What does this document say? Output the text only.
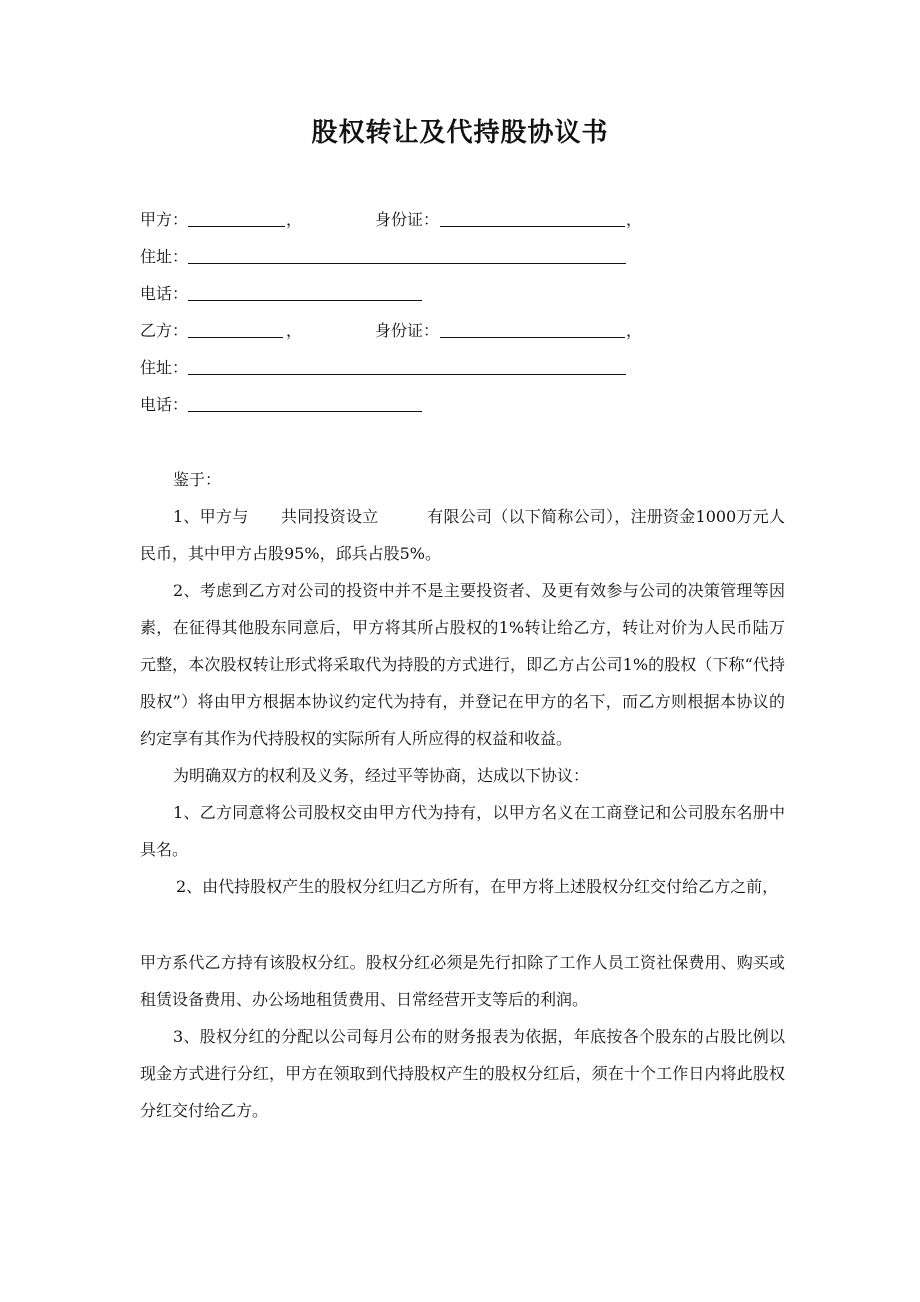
股权转让及代持股协议书
甲方：	，	身份证：	，
住址：
电话：
乙方：	，	身份证：	，
住址：
电话：
鉴于：
1、甲方与　　共同投资设立　　　有限公司（以下简称公司），注册资金1000万元人民币，其中甲方占股95%，邱兵占股5%。
2、考虑到乙方对公司的投资中并不是主要投资者、及更有效参与公司的决策管理等因素，在征得其他股东同意后，甲方将其所占股权的1%转让给乙方，转让对价为人民币陆万元整，本次股权转让形式将采取代为持股的方式进行，即乙方占公司1%的股权（下称“代持股权”）将由甲方根据本协议约定代为持有，并登记在甲方的名下，而乙方则根据本协议的约定享有其作为代持股权的实际所有人所应得的权益和收益。
为明确双方的权利及义务，经过平等协商，达成以下协议：
1、乙方同意将公司股权交由甲方代为持有，以甲方名义在工商登记和公司股东名册中具名。
2、由代持股权产生的股权分红归乙方所有，在甲方将上述股权分红交付给乙方之前，
甲方系代乙方持有该股权分红。股权分红必须是先行扣除了工作人员工资社保费用、购买或租赁设备费用、办公场地租赁费用、日常经营开支等后的利润。
3、股权分红的分配以公司每月公布的财务报表为依据，年底按各个股东的占股比例以现金方式进行分红，甲方在领取到代持股权产生的股权分红后，须在十个工作日内将此股权分红交付给乙方。
